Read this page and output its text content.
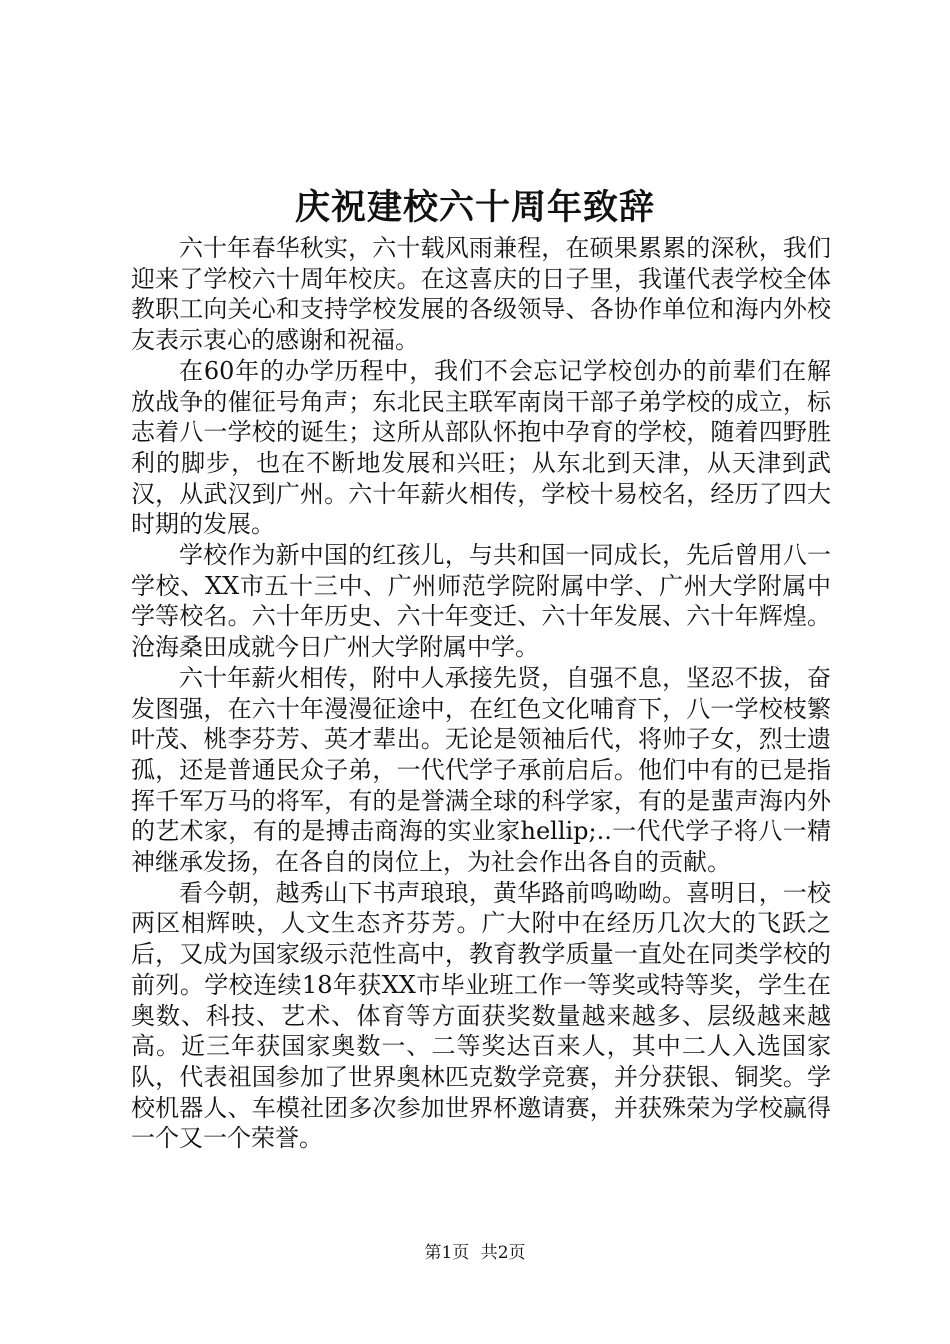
庆祝建校六十周年致辞

六十年春华秋实，六十载风雨兼程，在硕果累累的深秋，我们迎来了学校六十周年校庆。在这喜庆的日子里，我谨代表学校全体教职工向关心和支持学校发展的各级领导、各协作单位和海内外校友表示衷心的感谢和祝福。

在60年的办学历程中，我们不会忘记学校创办的前辈们在解放战争的催征号角声；东北民主联军南岗干部子弟学校的成立，标志着八一学校的诞生；这所从部队怀抱中孕育的学校，随着四野胜利的脚步，也在不断地发展和兴旺；从东北到天津，从天津到武汉，从武汉到广州。六十年薪火相传，学校十易校名，经历了四大时期的发展。

学校作为新中国的红孩儿，与共和国一同成长，先后曾用八一学校、XX市五十三中、广州师范学院附属中学、广州大学附属中学等校名。六十年历史、六十年变迁、六十年发展、六十年辉煌。沧海桑田成就今日广州大学附属中学。

六十年薪火相传，附中人承接先贤，自强不息，坚忍不拔，奋发图强，在六十年漫漫征途中，在红色文化哺育下，八一学校枝繁叶茂、桃李芬芳、英才辈出。无论是领袖后代，将帅子女，烈士遗孤，还是普通民众子弟，一代代学子承前启后。他们中有的已是指挥千军万马的将军，有的是誉满全球的科学家，有的是蜚声海内外的艺术家，有的是搏击商海的实业家hellip;..一代代学子将八一精神继承发扬，在各自的岗位上，为社会作出各自的贡献。

看今朝，越秀山下书声琅琅，黄华路前鸣呦呦。喜明日，一校两区相辉映，人文生态齐芬芳。广大附中在经历几次大的飞跃之后，又成为国家级示范性高中，教育教学质量一直处在同类学校的前列。学校连续18年获XX市毕业班工作一等奖或特等奖，学生在奥数、科技、艺术、体育等方面获奖数量越来越多、层级越来越高。近三年获国家奥数一、二等奖达百来人，其中二人入选国家队，代表祖国参加了世界奥林匹克数学竞赛，并分获银、铜奖。学校机器人、车模社团多次参加世界杯邀请赛，并获殊荣为学校赢得一个又一个荣誉。

第1页 共2页
